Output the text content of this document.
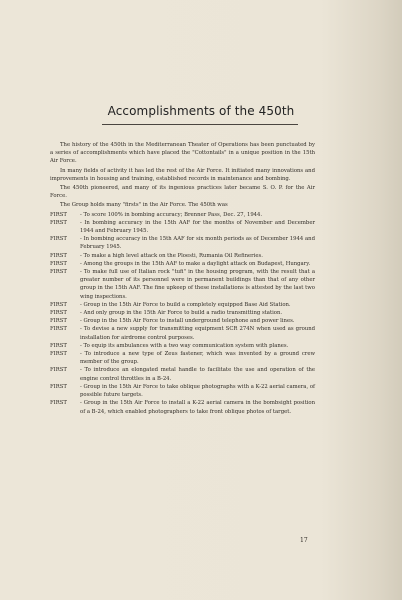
Accomplishments of the 450th

The history of the 450th in the Mediterranean Theater of Operations has been punctuated by a series of accomplishments which have placed the "Cottontails" in a unique position in the 15th Air Force.

In many fields of activity it has led the rest of the Air Force. It initiated many innovations and improvements in housing and training, established records in maintenance and bombing.

The 450th pioneered, and many of its ingenious practices later became S. O. P. for the Air Force.

The Group holds many "firsts" in the Air Force. The 450th was

FIRST	- To score 100% in bombing accuracy; Brenner Pass, Dec. 27, 1944.
FIRST	- In bombing accuracy in the 15th AAF for the months of November and December 1944 and February 1945.
FIRST	- In bombing accuracy in the 15th AAF for six month periods as of December 1944 and February 1945.
FIRST	- To make a high level attack on the Ploesti, Rumania Oil Refineries.
FIRST	- Among the groups in the 15th AAF to make a daylight attack on Budapest, Hungary.
FIRST	- To make full use of Italian rock "tufi" in the housing program, with the result that a greater number of its personnel were in permanent buildings than that of any other group in the 15th AAF. The fine upkeep of these installations is attested by the last two wing inspections.
FIRST	- Group in the 15th Air Force to build a completely equipped Base Aid Station.
FIRST	- And only group in the 15th Air Force to build a radio transmitting station.
FIRST	- Group in the 15th Air Force to install underground telephone and power lines.
FIRST	- To devise a new supply for transmitting equipment SCR 274N when used as ground installation for airdrome control purposes.
FIRST	- To equip its ambulances with a two way communication system with planes.
FIRST	- To introduce a new type of Zeus fastener, which was invented by a ground crew member of the group.
FIRST	- To introduce an elongated metal handle to facilitate the use and operation of the engine control throttles in a B-24.
FIRST	- Group in the 15th Air Force to take oblique photographs with a K-22 aerial camera, of possible future targets.
FIRST	- Group in the 15th Air Force to install a K-22 aerial camera in the bombsight position of a B-24, which enabled photographers to take front oblique photos of target.
17
